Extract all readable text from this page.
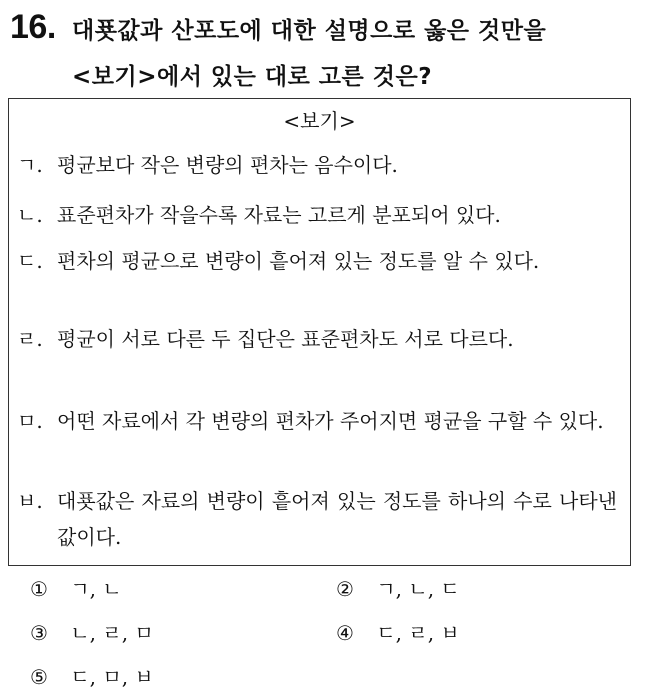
16. 대푯값과 산포도에 대한 설명으로 옳은 것만을
<보기>에서 있는 대로 고른 것은?
<보기>
ㄱ. 평균보다 작은 변량의 편차는 음수이다.
ㄴ. 표준편차가 작을수록 자료는 고르게 분포되어 있다.
ㄷ. 편차의 평균으로 변량이 흩어져 있는 정도를 알 수 있다.
ㄹ. 평균이 서로 다른 두 집단은 표준편차도 서로 다르다.
ㅁ. 어떤 자료에서 각 변량의 편차가 주어지면 평균을 구할 수 있다.
ㅂ. 대푯값은 자료의 변량이 흩어져 있는 정도를 하나의 수로 나타낸 값이다.
① ㄱ, ㄴ	② ㄱ, ㄴ, ㄷ
③ ㄴ, ㄹ, ㅁ	④ ㄷ, ㄹ, ㅂ
⑤ ㄷ, ㅁ, ㅂ
